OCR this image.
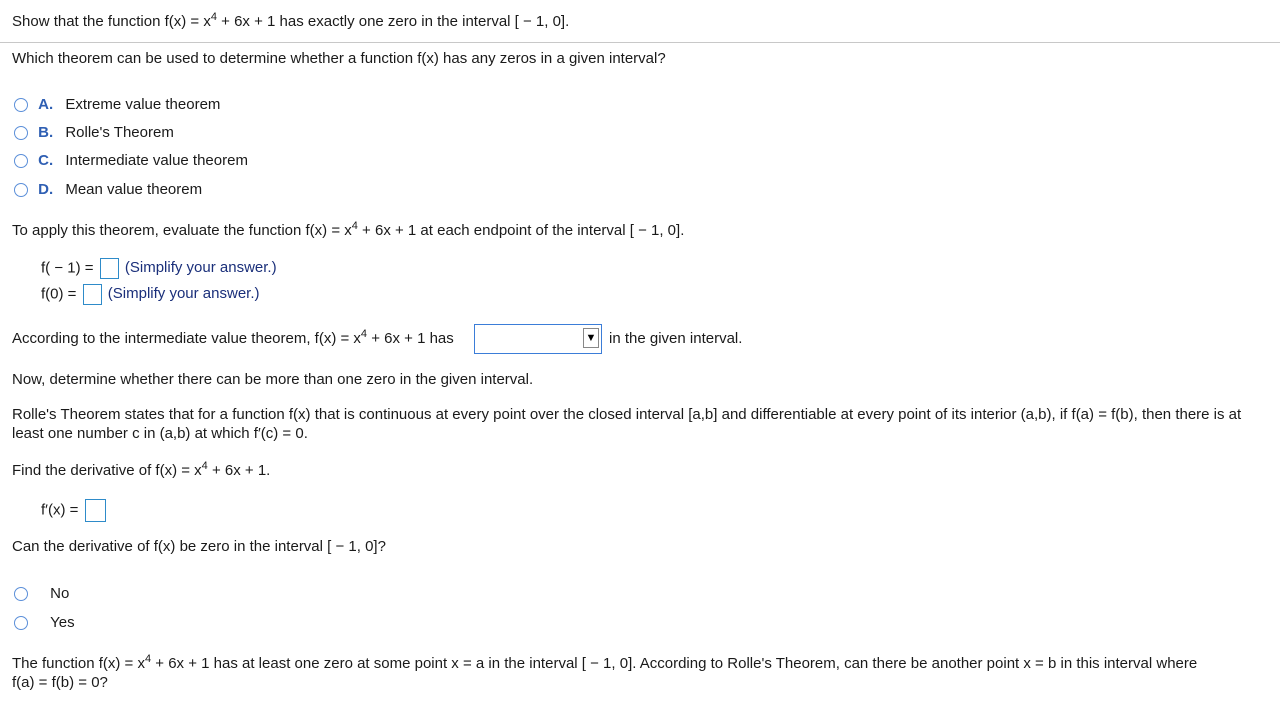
Show that the function $f(x) = x^4 + 6x + 1$ has exactly one zero in the interval [ − 1, 0].
Which theorem can be used to determine whether a function f(x) has any zeros in a given interval?
A. Extreme value theorem
B. Rolle's Theorem
C. Intermediate value theorem
D. Mean value theorem
To apply this theorem, evaluate the function $f(x) = x^4 + 6x + 1$ at each endpoint of the interval [ − 1, 0].
f( − 1) = (Simplify your answer.)
f(0) = (Simplify your answer.)
According to the intermediate value theorem, $f(x) = x^4 + 6x + 1$ has	▼ in the given interval.
Now, determine whether there can be more than one zero in the given interval.
Rolle's Theorem states that for a function f(x) that is continuous at every point over the closed interval [a,b] and differentiable at every point of its interior (a,b), if f(a) = f(b), then there is at
least one number c in (a,b) at which f′(c) = 0.
Find the derivative of $f(x) = x^4 + 6x + 1$.
f′(x) =
Can the derivative of f(x) be zero in the interval [ − 1, 0]?
No
Yes
The function $f(x) = x^4 + 6x + 1$ has at least one zero at some point x = a in the interval [ − 1, 0]. According to Rolle's Theorem, can there be another point x = b in this interval where
f(a) = f(b) = 0?
